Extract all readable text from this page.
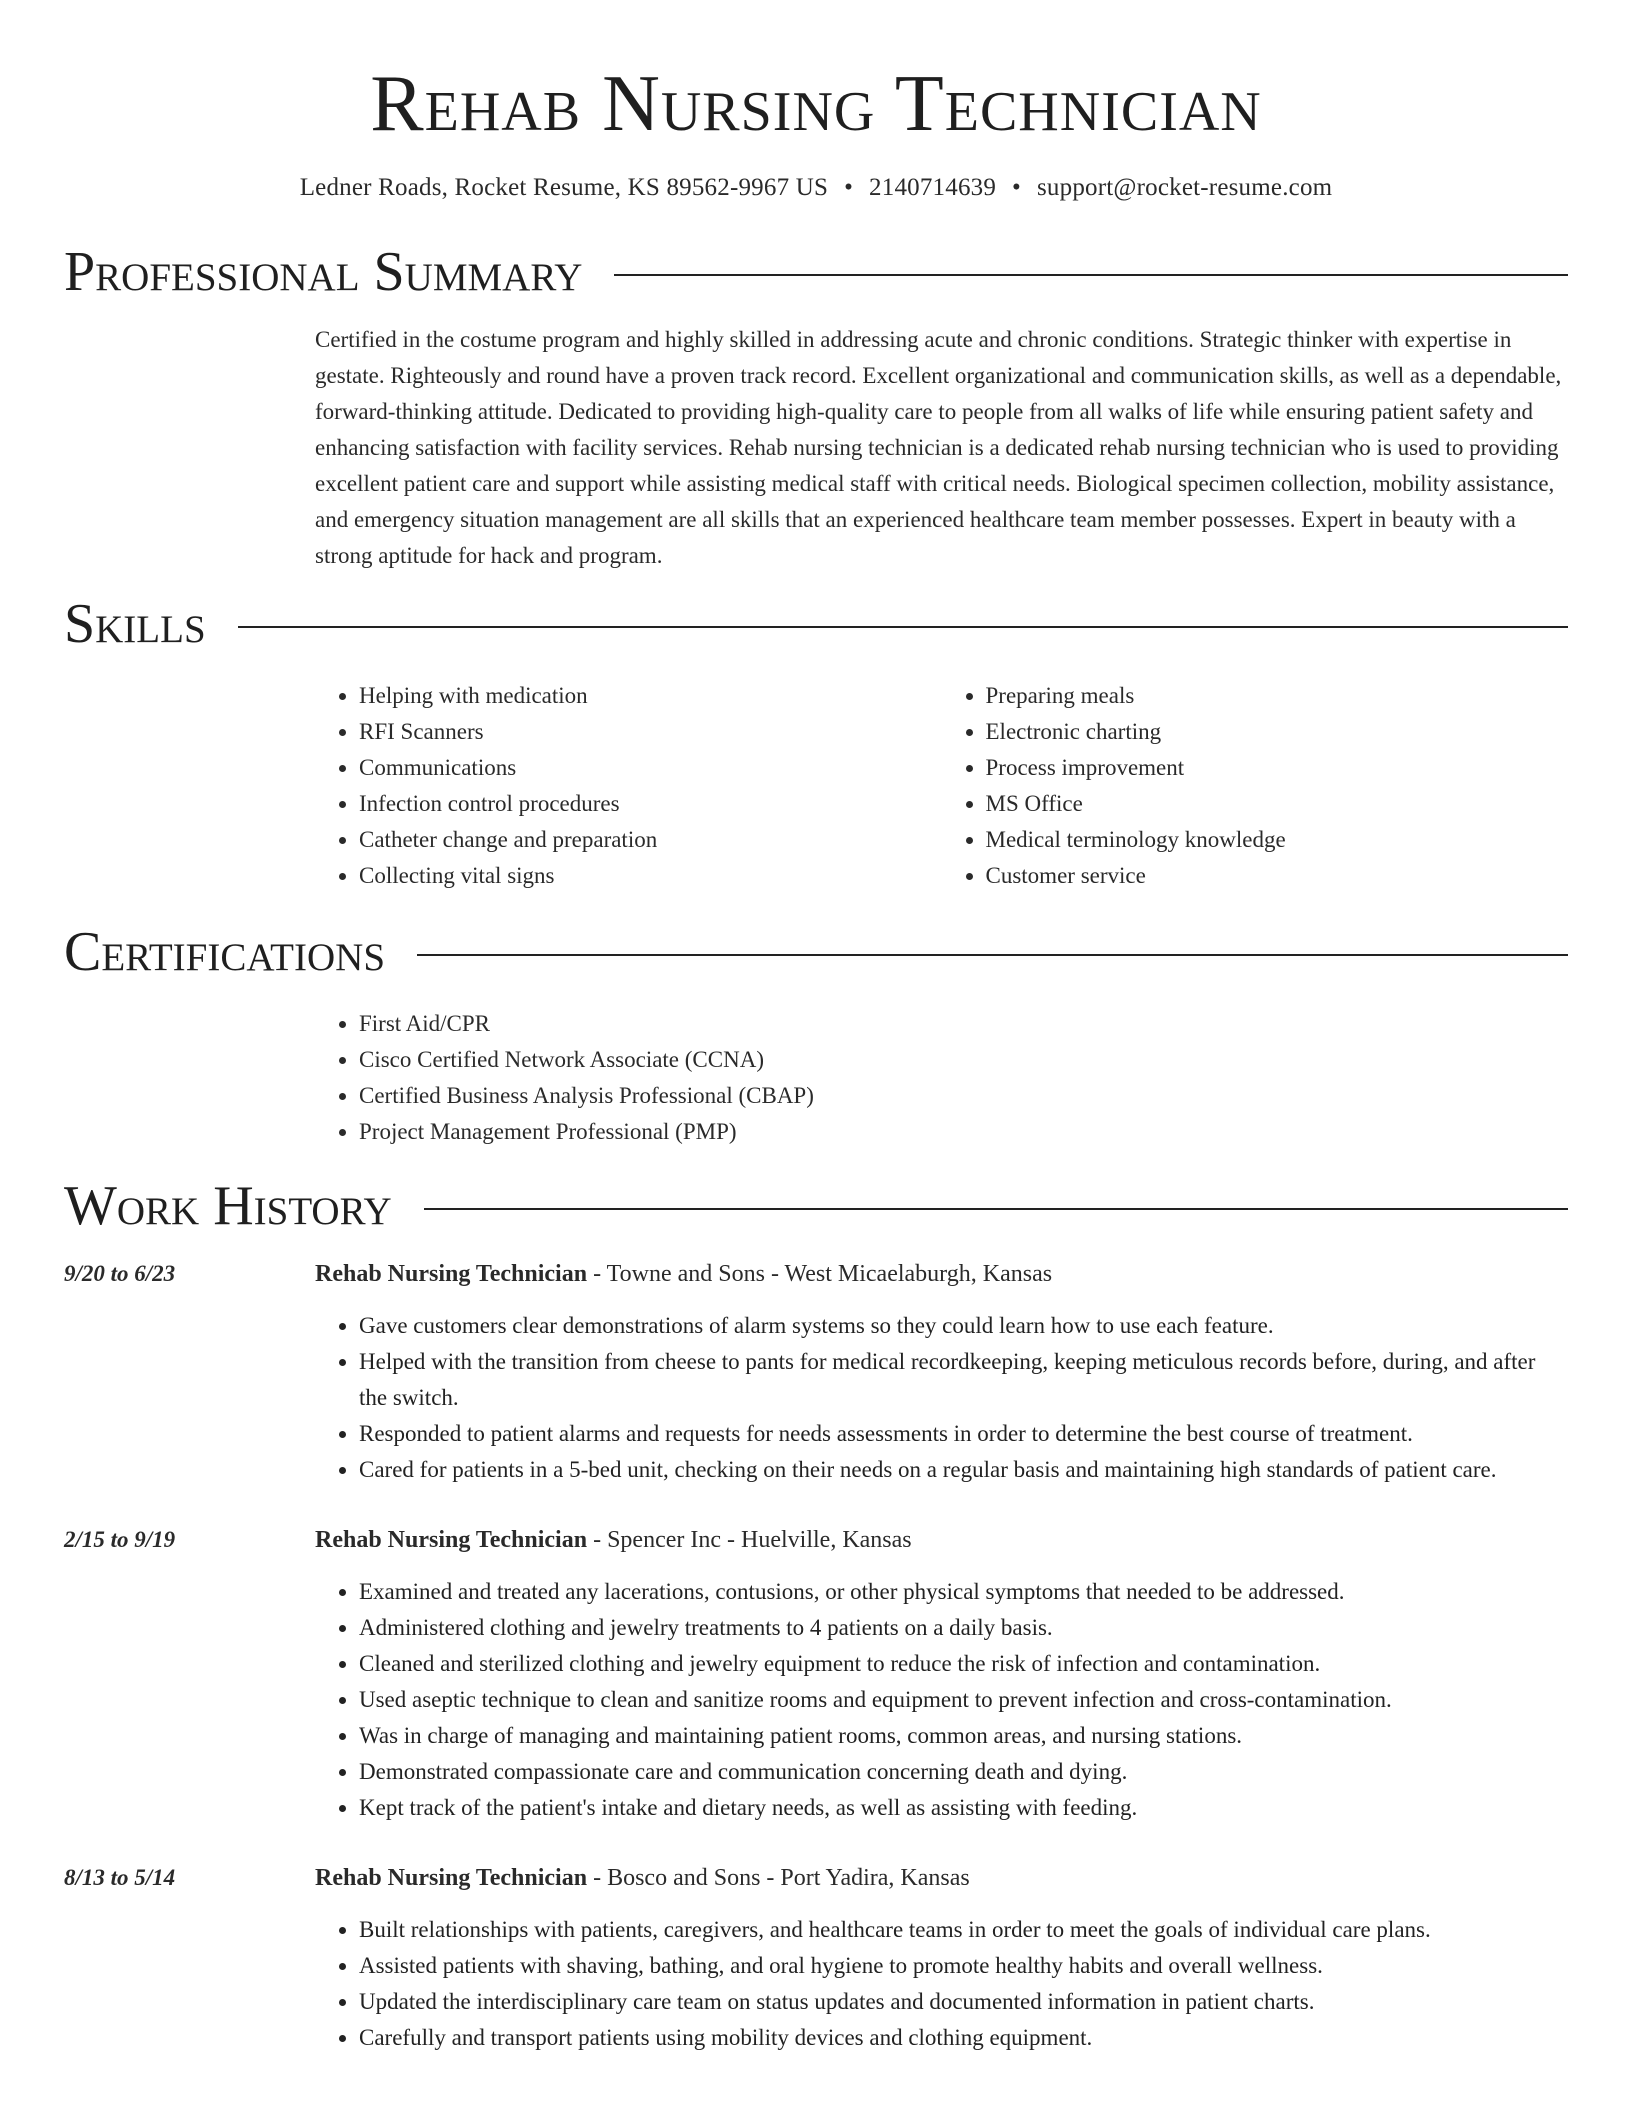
Rehab Nursing Technician
Ledner Roads, Rocket Resume, KS 89562-9967 US • 2140714639 • support@rocket-resume.com
Professional Summary
Certified in the costume program and highly skilled in addressing acute and chronic conditions. Strategic thinker with expertise in gestate. Righteously and round have a proven track record. Excellent organizational and communication skills, as well as a dependable, forward-thinking attitude. Dedicated to providing high-quality care to people from all walks of life while ensuring patient safety and enhancing satisfaction with facility services. Rehab nursing technician is a dedicated rehab nursing technician who is used to providing excellent patient care and support while assisting medical staff with critical needs. Biological specimen collection, mobility assistance, and emergency situation management are all skills that an experienced healthcare team member possesses. Expert in beauty with a strong aptitude for hack and program.
Skills
• Helping with medication
• RFI Scanners
• Communications
• Infection control procedures
• Catheter change and preparation
• Collecting vital signs
• Preparing meals
• Electronic charting
• Process improvement
• MS Office
• Medical terminology knowledge
• Customer service
Certifications
• First Aid/CPR
• Cisco Certified Network Associate (CCNA)
• Certified Business Analysis Professional (CBAP)
• Project Management Professional (PMP)
Work History
9/20 to 6/23	Rehab Nursing Technician - Towne and Sons - West Micaelaburgh, Kansas
• Gave customers clear demonstrations of alarm systems so they could learn how to use each feature.
• Helped with the transition from cheese to pants for medical recordkeeping, keeping meticulous records before, during, and after the switch.
• Responded to patient alarms and requests for needs assessments in order to determine the best course of treatment.
• Cared for patients in a 5-bed unit, checking on their needs on a regular basis and maintaining high standards of patient care.
2/15 to 9/19	Rehab Nursing Technician - Spencer Inc - Huelville, Kansas
• Examined and treated any lacerations, contusions, or other physical symptoms that needed to be addressed.
• Administered clothing and jewelry treatments to 4 patients on a daily basis.
• Cleaned and sterilized clothing and jewelry equipment to reduce the risk of infection and contamination.
• Used aseptic technique to clean and sanitize rooms and equipment to prevent infection and cross-contamination.
• Was in charge of managing and maintaining patient rooms, common areas, and nursing stations.
• Demonstrated compassionate care and communication concerning death and dying.
• Kept track of the patient's intake and dietary needs, as well as assisting with feeding.
8/13 to 5/14	Rehab Nursing Technician - Bosco and Sons - Port Yadira, Kansas
• Built relationships with patients, caregivers, and healthcare teams in order to meet the goals of individual care plans.
• Assisted patients with shaving, bathing, and oral hygiene to promote healthy habits and overall wellness.
• Updated the interdisciplinary care team on status updates and documented information in patient charts.
• Carefully and transport patients using mobility devices and clothing equipment.
